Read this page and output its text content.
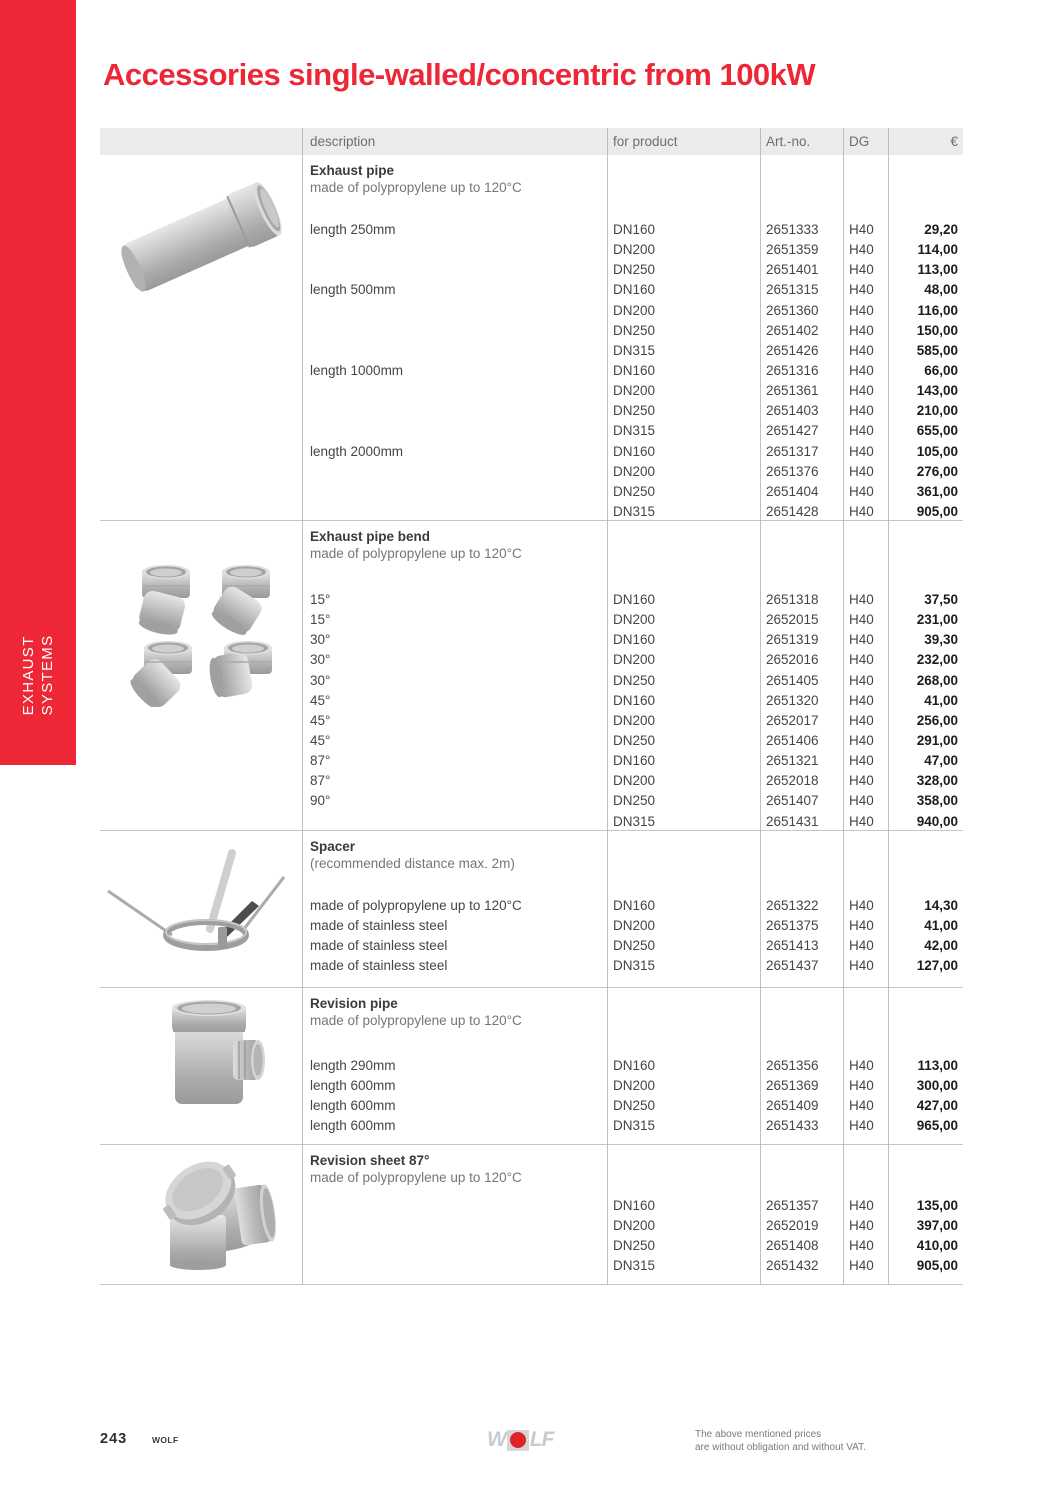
EXHAUST SYSTEMS
Accessories single-walled/concentric from 100kW
description	for product	Art.-no.	DG	€
Exhaust pipe
made of polypropylene up to 120°C
length 250mm	DN160	2651333	H40	29,20
DN200	2651359	H40	114,00
DN250	2651401	H40	113,00
length 500mm	DN160	2651315	H40	48,00
DN200	2651360	H40	116,00
DN250	2651402	H40	150,00
DN315	2651426	H40	585,00
length 1000mm	DN160	2651316	H40	66,00
DN200	2651361	H40	143,00
DN250	2651403	H40	210,00
DN315	2651427	H40	655,00
length 2000mm	DN160	2651317	H40	105,00
DN200	2651376	H40	276,00
DN250	2651404	H40	361,00
DN315	2651428	H40	905,00
Exhaust pipe bend
made of polypropylene up to 120°C
15°	DN160	2651318	H40	37,50
15°	DN200	2652015	H40	231,00
30°	DN160	2651319	H40	39,30
30°	DN200	2652016	H40	232,00
30°	DN250	2651405	H40	268,00
45°	DN160	2651320	H40	41,00
45°	DN200	2652017	H40	256,00
45°	DN250	2651406	H40	291,00
87°	DN160	2651321	H40	47,00
87°	DN200	2652018	H40	328,00
90°	DN250	2651407	H40	358,00
DN315	2651431	H40	940,00
Spacer
(recommended distance max. 2m)
made of polypropylene up to 120°C	DN160	2651322	H40	14,30
made of stainless steel	DN200	2651375	H40	41,00
made of stainless steel	DN250	2651413	H40	42,00
made of stainless steel	DN315	2651437	H40	127,00
Revision pipe
made of polypropylene up to 120°C
length 290mm	DN160	2651356	H40	113,00
length 600mm	DN200	2651369	H40	300,00
length 600mm	DN250	2651409	H40	427,00
length 600mm	DN315	2651433	H40	965,00
Revision sheet 87°
made of polypropylene up to 120°C
DN160	2651357	H40	135,00
DN200	2652019	H40	397,00
DN250	2651408	H40	410,00
DN315	2651432	H40	905,00
243	WOLF	W LF	The above mentioned prices
are without obligation and without VAT.
